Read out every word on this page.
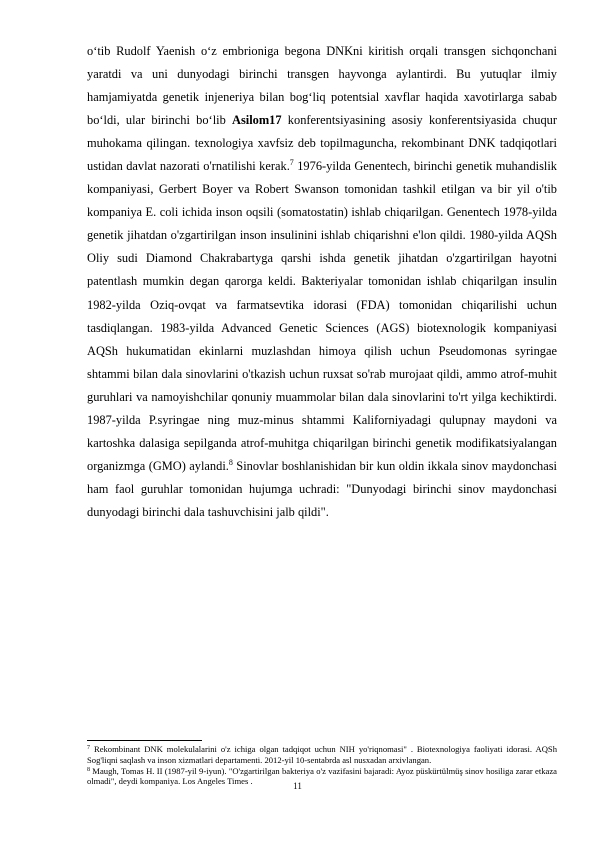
o‘tib Rudolf Yaenish o‘z embrioniga begona DNKni kiritish orqali transgen sichqonchani yaratdi va uni dunyodagi birinchi transgen hayvonga aylantirdi. Bu yutuqlar ilmiy hamjamiyatda genetik injeneriya bilan bog‘liq potentsial xavflar haqida xavotirlarga sabab bo‘ldi, ular birinchi bo‘lib Asilom17 konferentsiyasining asosiy konferentsiyasida chuqur muhokama qilingan. texnologiya xavfsiz deb topilmaguncha, rekombinant DNK tadqiqotlari ustidan davlat nazorati o'rnatilishi kerak.$^7$ 1976-yilda Genentech, birinchi genetik muhandislik kompaniyasi, Gerbert Boyer va Robert Swanson tomonidan tashkil etilgan va bir yil o'tib kompaniya E. coli ichida inson oqsili (somatostatin) ishlab chiqarilgan. Genentech 1978-yilda genetik jihatdan o'zgartirilgan inson insulinini ishlab chiqarishni e'lon qildi. 1980-yilda AQSh Oliy sudi Diamond Chakrabartyga qarshi ishda genetik jihatdan o'zgartirilgan hayotni patentlash mumkin degan qarorga keldi. Bakteriyalar tomonidan ishlab chiqarilgan insulin 1982-yilda Oziq-ovqat va farmatsevtika idorasi (FDA) tomonidan chiqarilishi uchun tasdiqlangan. 1983-yilda Advanced Genetic Sciences (AGS) biotexnologik kompaniyasi AQSh hukumatidan ekinlarni muzlashdan himoya qilish uchun Pseudomonas syringae shtammi bilan dala sinovlarini o'tkazish uchun ruxsat so'rab murojaat qildi, ammo atrof-muhit guruhlari va namoyishchilar qonuniy muammolar bilan dala sinovlarini to'rt yilga kechiktirdi. 1987-yilda P.syringae ning muz-minus shtammi Kaliforniyadagi qulupnay maydoni va kartoshka dalasiga sepilganda atrof-muhitga chiqarilgan birinchi genetik modifikatsiyalangan organizmga (GMO) aylandi.$^8$ Sinovlar boshlanishidan bir kun oldin ikkala sinov maydonchasi ham faol guruhlar tomonidan hujumga uchradi: "Dunyodagi birinchi sinov maydonchasi dunyodagi birinchi dala tashuvchisini jalb qildi".

$^7$ Rekombinant DNK molekulalarini o'z ichiga olgan tadqiqot uchun NIH yo'riqnomasi" . Biotexnologiya faoliyati idorasi. AQSh Sog'liqni saqlash va inson xizmatlari departamenti. 2012-yil 10-sentabrda asl nusxadan arxivlangan.

$^8$ Maugh, Tomas H. II (1987-yil 9-iyun). "O'zgartirilgan bakteriya o'z vazifasini bajaradi: Ayoz püskürtülmüş sinov hosiliga zarar etkaza olmadi", deydi kompaniya. Los Angeles Times .	11
